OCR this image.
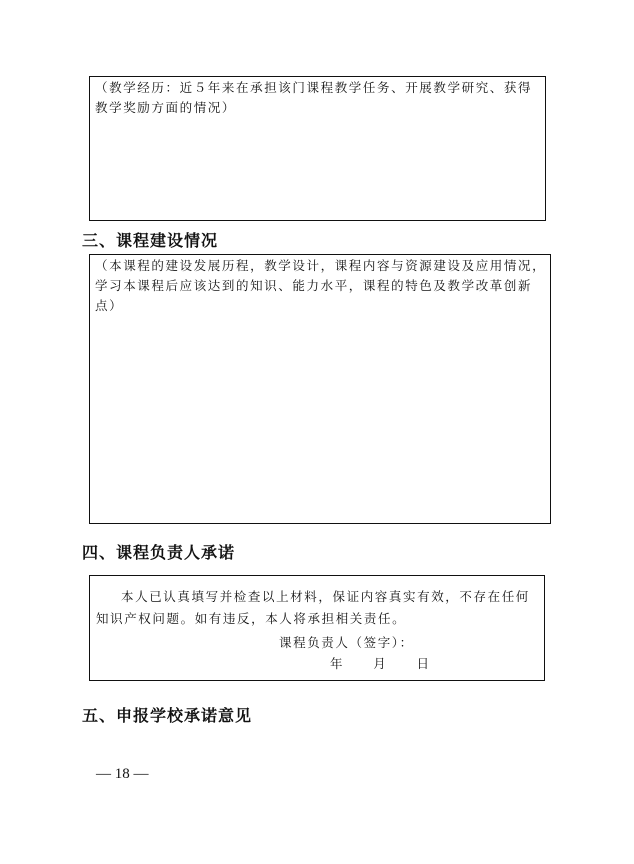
（教学经历：近５年来在承担该门课程教学任务、开展教学研究、获得教学奖励方面的情况）
三、课程建设情况
（本课程的建设发展历程，教学设计，课程内容与资源建设及应用情况，学习本课程后应该达到的知识、能力水平，课程的特色及教学改革创新点）
四、课程负责人承诺
本人已认真填写并检查以上材料，保证内容真实有效，不存在任何知识产权问题。如有违反，本人将承担相关责任。
课程负责人（签字）：
年 月 日
五、申报学校承诺意见
— 18 —
